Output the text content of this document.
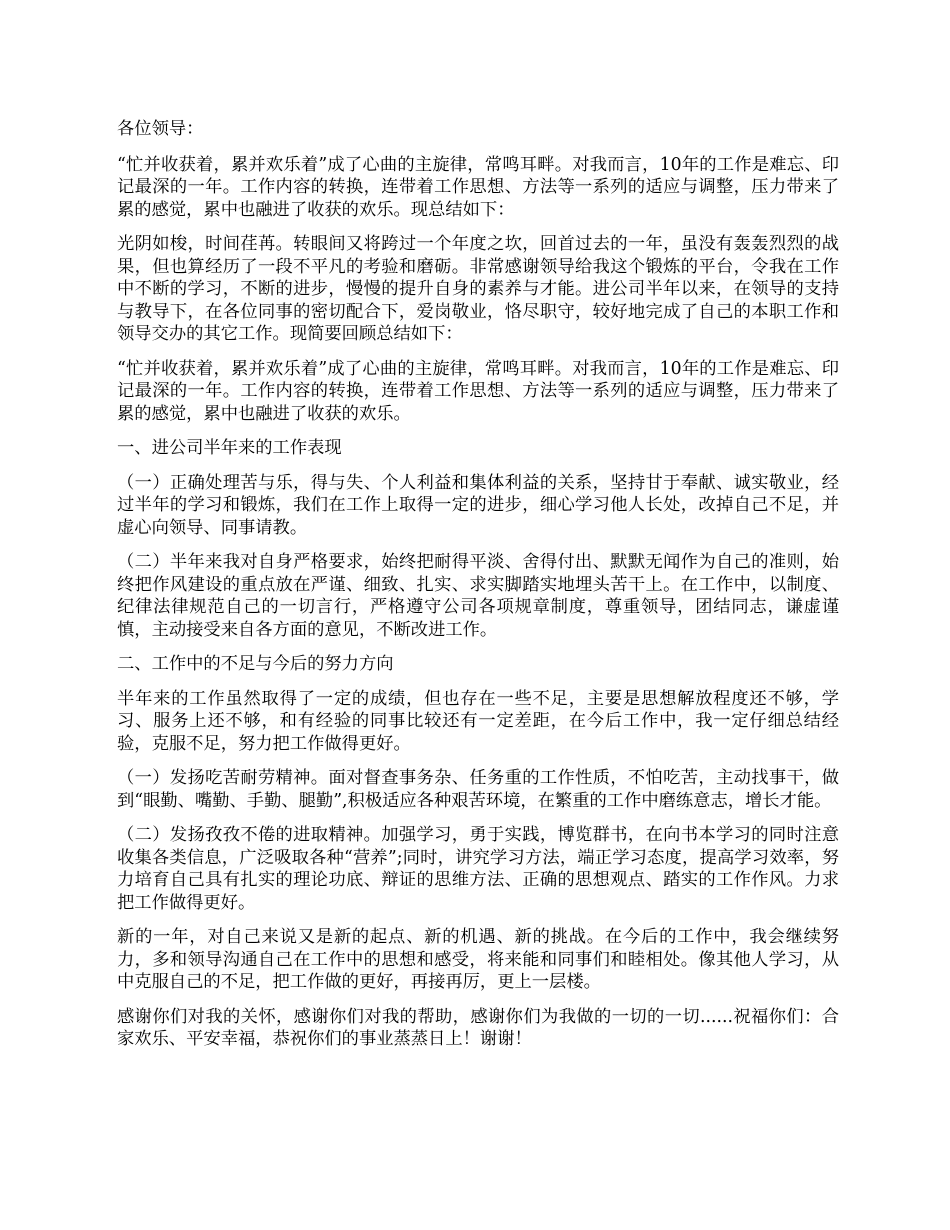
各位领导：

“忙并收获着，累并欢乐着”成了心曲的主旋律，常鸣耳畔。对我而言，10年的工作是难忘、印记最深的一年。工作内容的转换，连带着工作思想、方法等一系列的适应与调整，压力带来了累的感觉，累中也融进了收获的欢乐。现总结如下：

光阴如梭，时间荏苒。转眼间又将跨过一个年度之坎，回首过去的一年，虽没有轰轰烈烈的战果，但也算经历了一段不平凡的考验和磨砺。非常感谢领导给我这个锻炼的平台，令我在工作中不断的学习，不断的进步，慢慢的提升自身的素养与才能。进公司半年以来，在领导的支持与教导下，在各位同事的密切配合下，爱岗敬业，恪尽职守，较好地完成了自己的本职工作和领导交办的其它工作。现简要回顾总结如下：

“忙并收获着，累并欢乐着”成了心曲的主旋律，常鸣耳畔。对我而言，10年的工作是难忘、印记最深的一年。工作内容的转换，连带着工作思想、方法等一系列的适应与调整，压力带来了累的感觉，累中也融进了收获的欢乐。

一、进公司半年来的工作表现

（一）正确处理苦与乐，得与失、个人利益和集体利益的关系，坚持甘于奉献、诚实敬业，经过半年的学习和锻炼，我们在工作上取得一定的进步，细心学习他人长处，改掉自己不足，并虚心向领导、同事请教。

（二）半年来我对自身严格要求，始终把耐得平淡、舍得付出、默默无闻作为自己的准则，始终把作风建设的重点放在严谨、细致、扎实、求实脚踏实地埋头苦干上。在工作中，以制度、纪律法律规范自己的一切言行，严格遵守公司各项规章制度，尊重领导，团结同志，谦虚谨慎，主动接受来自各方面的意见，不断改进工作。

二、工作中的不足与今后的努力方向

半年来的工作虽然取得了一定的成绩，但也存在一些不足，主要是思想解放程度还不够，学习、服务上还不够，和有经验的同事比较还有一定差距，在今后工作中，我一定仔细总结经验，克服不足，努力把工作做得更好。

（一）发扬吃苦耐劳精神。面对督查事务杂、任务重的工作性质，不怕吃苦，主动找事干，做到“眼勤、嘴勤、手勤、腿勤”,积极适应各种艰苦环境，在繁重的工作中磨练意志，增长才能。

（二）发扬孜孜不倦的进取精神。加强学习，勇于实践，博览群书，在向书本学习的同时注意收集各类信息，广泛吸取各种“营养”;同时，讲究学习方法，端正学习态度，提高学习效率，努力培育自己具有扎实的理论功底、辩证的思维方法、正确的思想观点、踏实的工作作风。力求把工作做得更好。

新的一年，对自己来说又是新的起点、新的机遇、新的挑战。在今后的工作中，我会继续努力，多和领导沟通自己在工作中的思想和感受，将来能和同事们和睦相处。像其他人学习，从中克服自己的不足，把工作做的更好，再接再厉，更上一层楼。

感谢你们对我的关怀，感谢你们对我的帮助，感谢你们为我做的一切的一切......祝福你们：合家欢乐、平安幸福，恭祝你们的事业蒸蒸日上！谢谢！
